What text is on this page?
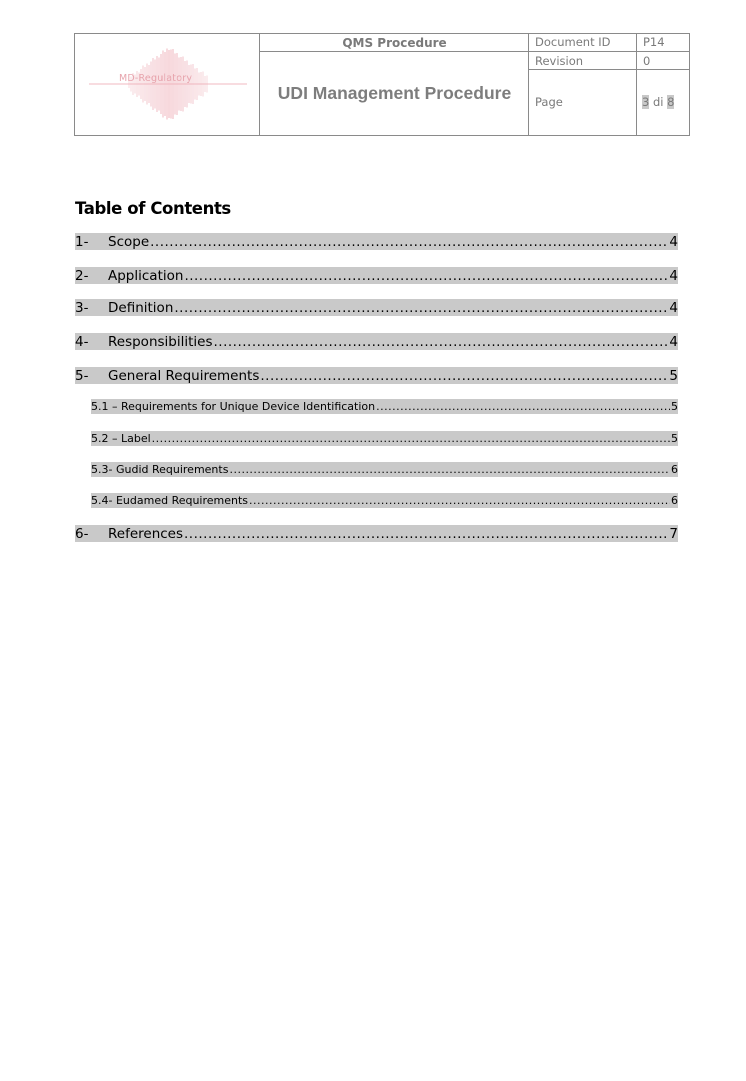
MD-Regulatory
QMS Procedure
UDI Management Procedure
Document ID	P14
Revision	0
Page	3 di 8
Table of Contents
1-	Scope .....	4
2-	Application .....	4
3-	Definition .....	4
4-	Responsibilities .....	4
5-	General Requirements .....	5
5.1 – Requirements for Unique Device Identification .....	5
5.2 – Label .....	5
5.3- Gudid Requirements .....	6
5.4- Eudamed Requirements .....	6
6-	References .....	7
